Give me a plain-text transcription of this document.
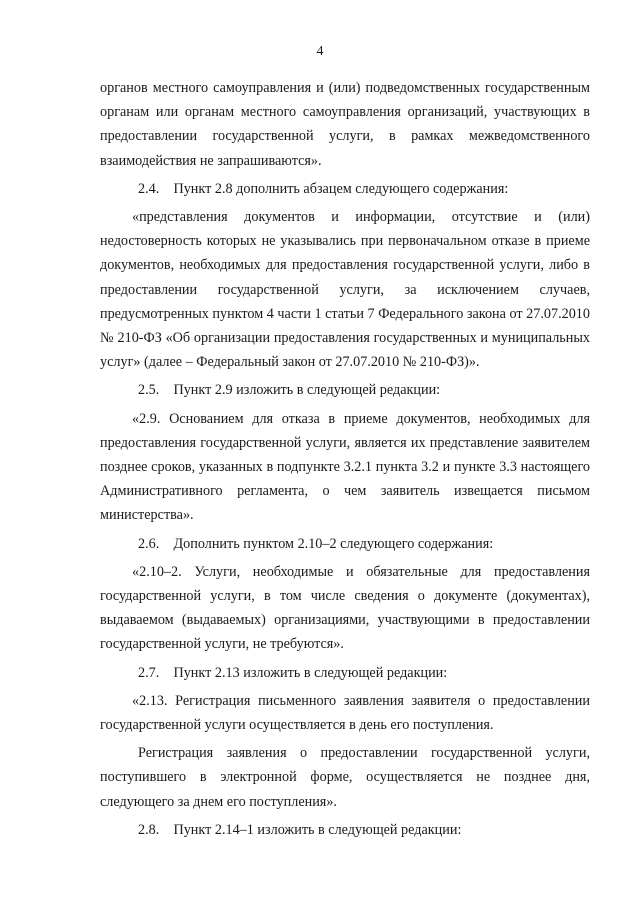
4

органов местного самоуправления и (или) подведомственных государственным органам или органам местного самоуправления организаций, участвующих в предоставлении государственной услуги, в рамках межведомственного взаимодействия не запрашиваются».

2.4.    Пункт 2.8 дополнить абзацем следующего содержания:

«представления документов и информации, отсутствие и (или) недостоверность которых не указывались при первоначальном отказе в приеме документов, необходимых для предоставления государственной услуги, либо в предоставлении государственной услуги, за исключением случаев, предусмотренных пунктом 4 части 1 статьи 7 Федерального закона от 27.07.2010 № 210-ФЗ «Об организации предоставления государственных и муниципальных услуг» (далее – Федеральный закон от 27.07.2010 № 210-ФЗ)».

2.5.    Пункт 2.9 изложить в следующей редакции:

«2.9. Основанием для отказа в приеме документов, необходимых для предоставления государственной услуги, является их представление заявителем позднее сроков, указанных в подпункте 3.2.1 пункта 3.2 и пункте 3.3 настоящего Административного регламента, о чем заявитель извещается письмом министерства».

2.6.    Дополнить пунктом 2.10–2 следующего содержания:

«2.10–2. Услуги, необходимые и обязательные для предоставления государственной услуги, в том числе сведения о документе (документах), выдаваемом (выдаваемых) организациями, участвующими в предоставлении государственной услуги, не требуются».

2.7.    Пункт 2.13 изложить в следующей редакции:

«2.13. Регистрация письменного заявления заявителя о предоставлении государственной услуги осуществляется в день его поступления.

Регистрация заявления о предоставлении государственной услуги, поступившего в электронной форме, осуществляется не позднее дня, следующего за днем его поступления».

2.8.    Пункт 2.14–1 изложить в следующей редакции:
